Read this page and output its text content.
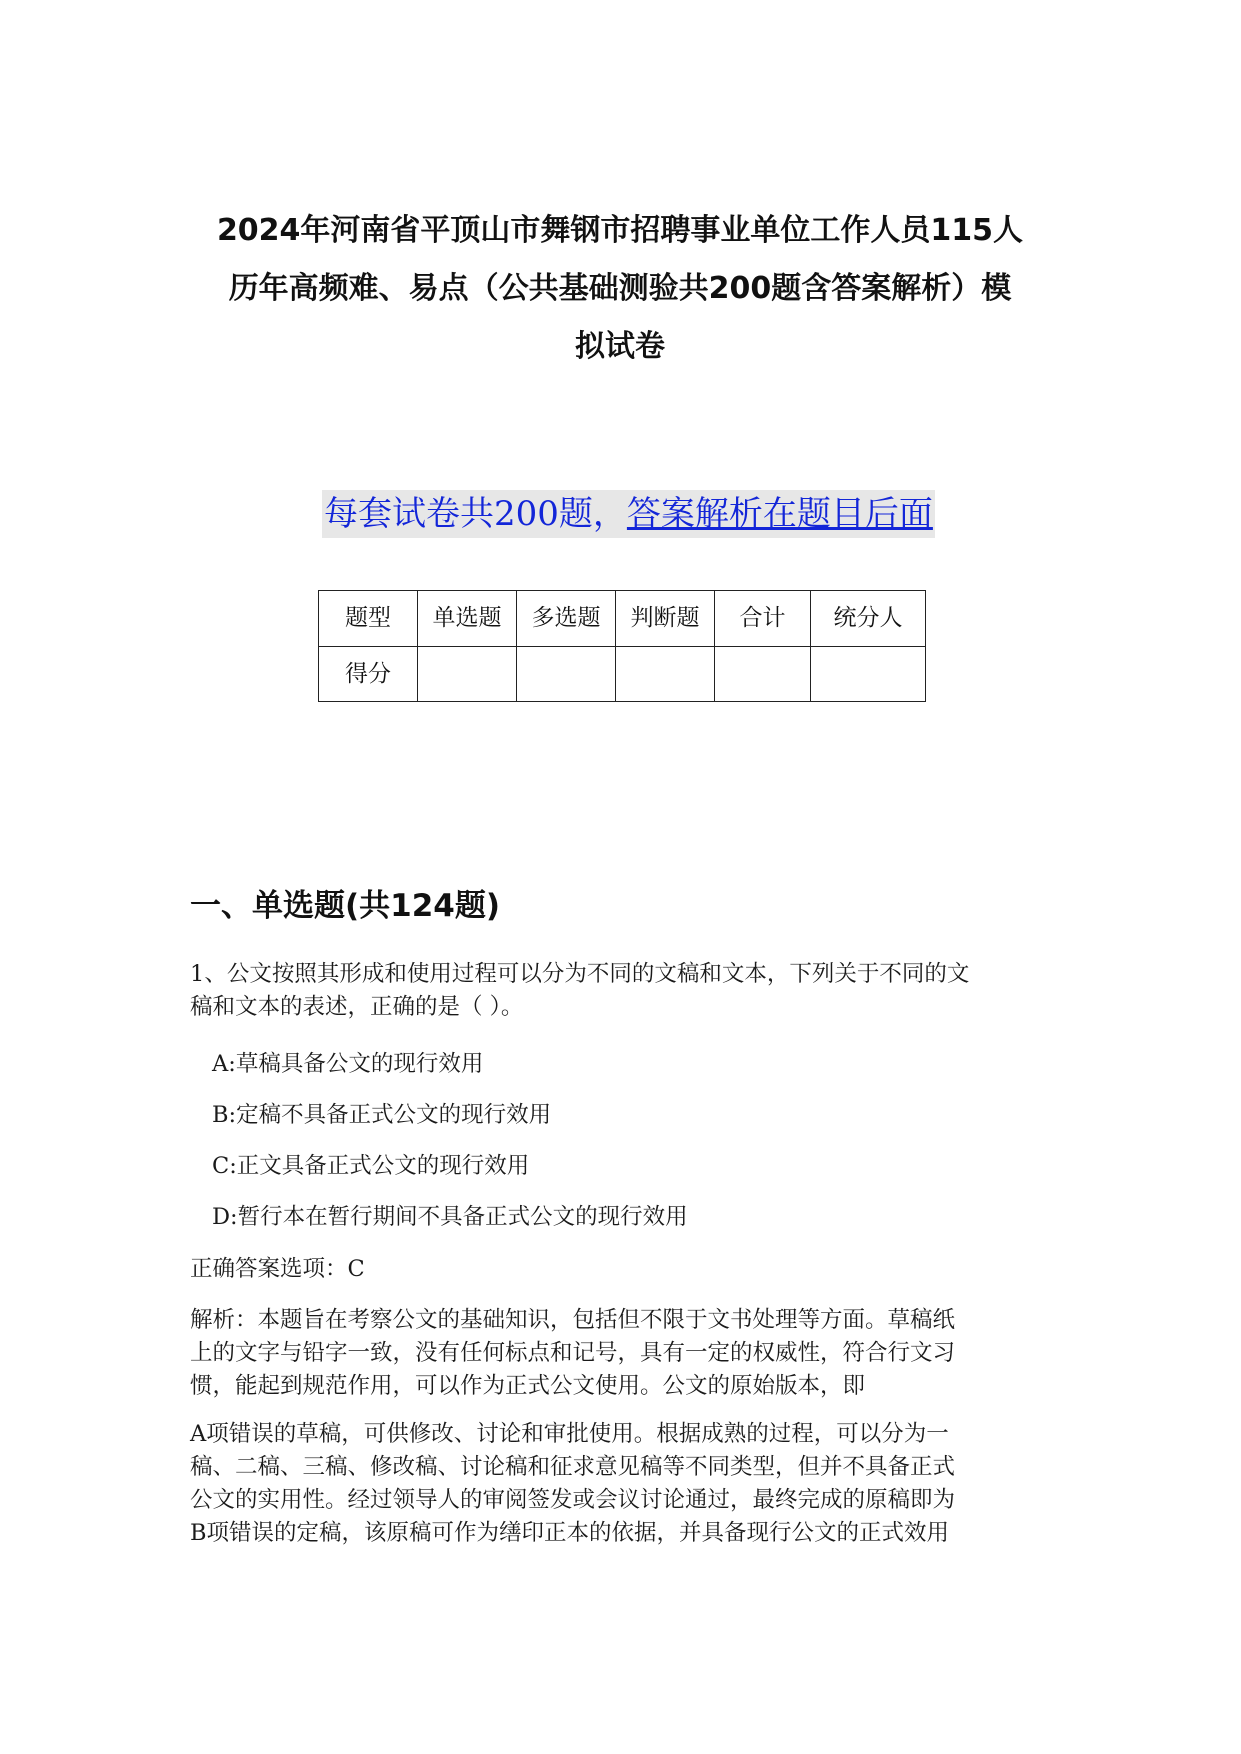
2024年河南省平顶山市舞钢市招聘事业单位工作人员115人
历年高频难、易点（公共基础测验共200题含答案解析）模
拟试卷
每套试卷共200题，答案解析在题目后面
题型	单选题	多选题	判断题	合计	统分人
得分					
一、单选题(共124题)
1、公文按照其形成和使用过程可以分为不同的文稿和文本，下列关于不同的文
稿和文本的表述，正确的是（ ）。
A:草稿具备公文的现行效用
B:定稿不具备正式公文的现行效用
C:正文具备正式公文的现行效用
D:暂行本在暂行期间不具备正式公文的现行效用
正确答案选项：C
解析：本题旨在考察公文的基础知识，包括但不限于文书处理等方面。草稿纸
上的文字与铅字一致，没有任何标点和记号，具有一定的权威性，符合行文习
惯，能起到规范作用，可以作为正式公文使用。公文的原始版本，即
A项错误的草稿，可供修改、讨论和审批使用。根据成熟的过程，可以分为一
稿、二稿、三稿、修改稿、讨论稿和征求意见稿等不同类型，但并不具备正式
公文的实用性。经过领导人的审阅签发或会议讨论通过，最终完成的原稿即为
B项错误的定稿，该原稿可作为缮印正本的依据，并具备现行公文的正式效用
